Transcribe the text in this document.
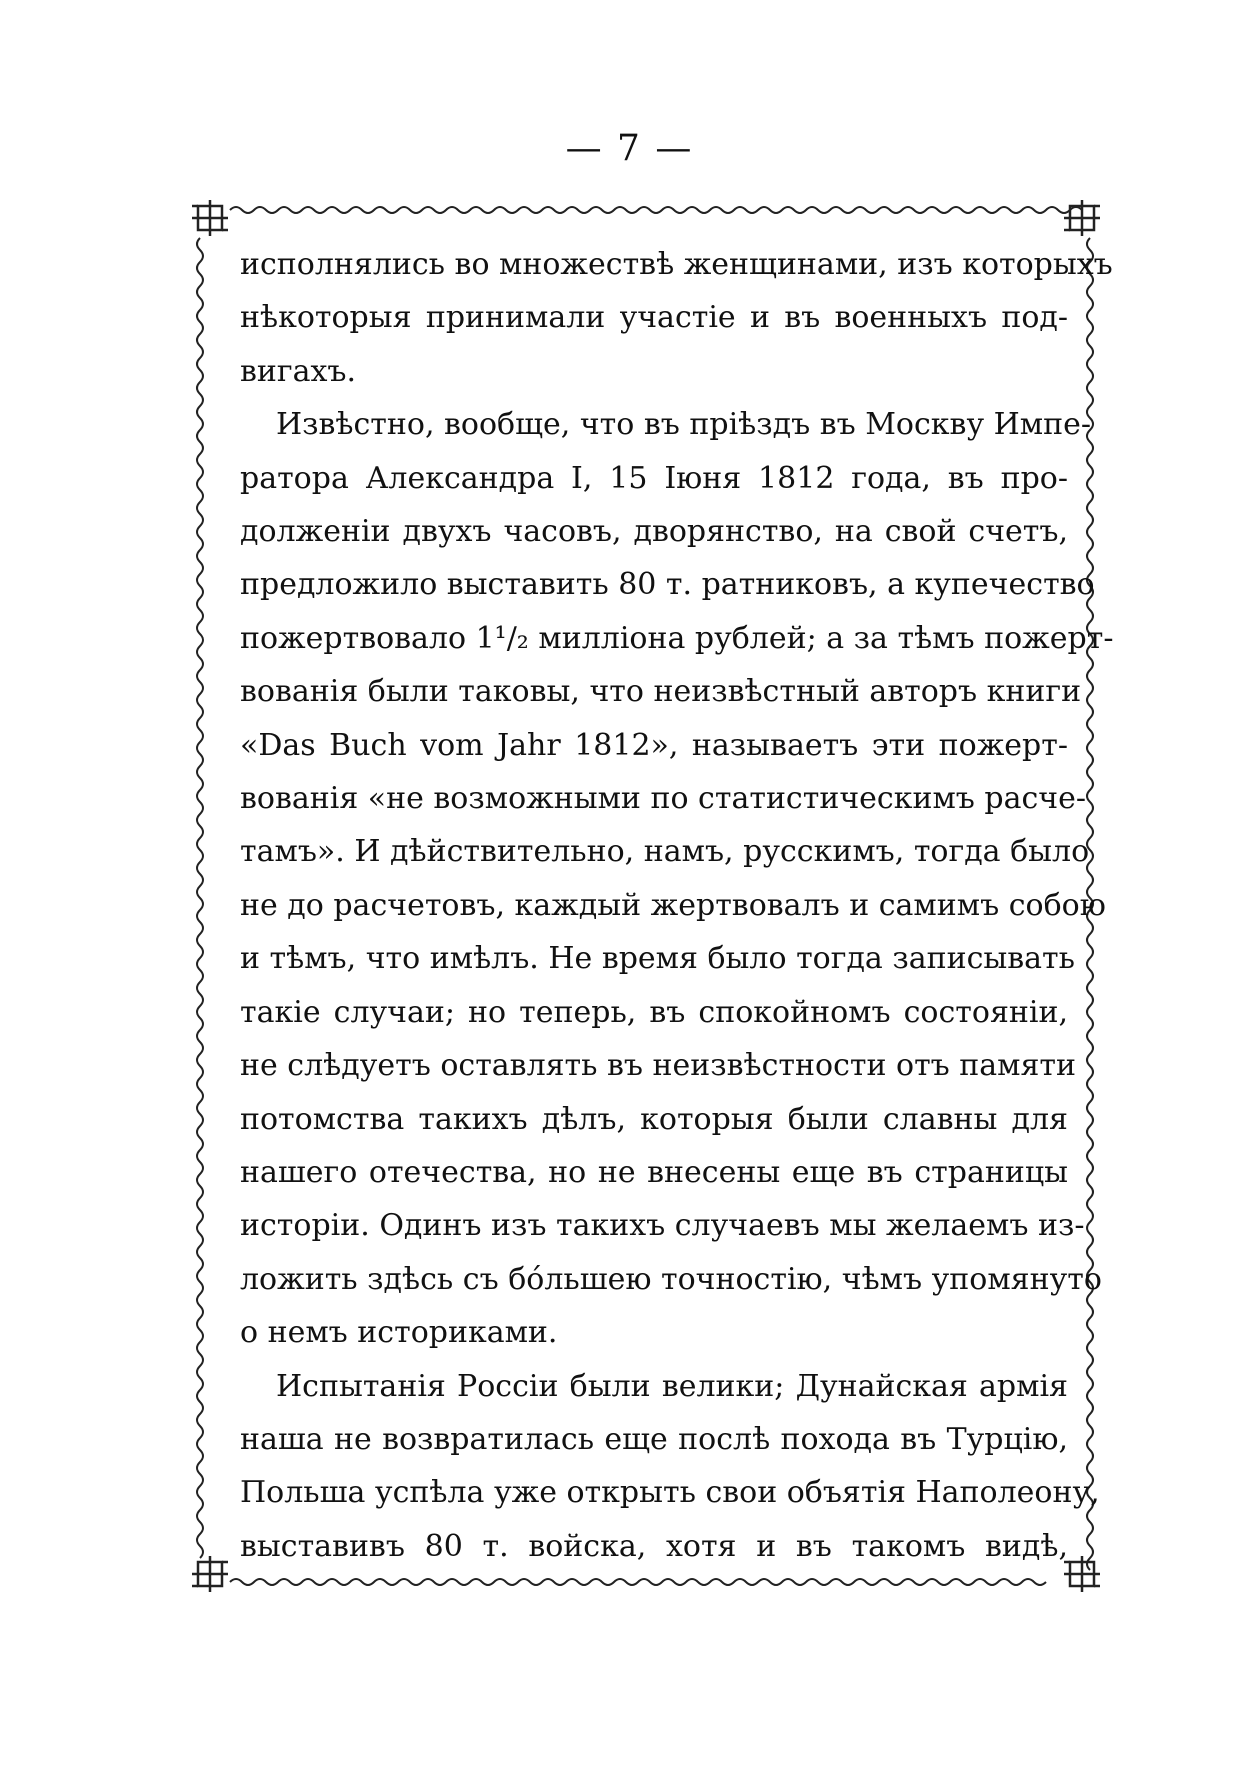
— 7 —
исполнялись во множествѣ женщинами, изъ которыхъ
нѣкоторыя принимали участіе и въ военныхъ под-
вигахъ.
Извѣстно, вообще, что въ пріѣздъ въ Москву Импе-
ратора Александра I, 15 Іюня 1812 года, въ про-
долженіи двухъ часовъ, дворянство, на свой счетъ,
предложило выставить 80 т. ратниковъ, а купечество
пожертвовало 1¹/₂ милліона рублей; а за тѣмъ пожерт-
вованія были таковы, что неизвѣстный авторъ книги
«Das Buch vom Jahr 1812», называетъ эти пожерт-
вованія «не возможными по статистическимъ расче-
тамъ». И дѣйствительно, намъ, русскимъ, тогда было
не до расчетовъ, каждый жертвовалъ и самимъ собою
и тѣмъ, что имѣлъ. Не время было тогда записывать
такіе случаи; но теперь, въ спокойномъ состояніи,
не слѣдуетъ оставлять въ неизвѣстности отъ памяти
потомства такихъ дѣлъ, которыя были славны для
нашего отечества, но не внесены еще въ страницы
исторіи. Одинъ изъ такихъ случаевъ мы желаемъ из-
ложить здѣсь съ бо́льшею точностію, чѣмъ упомянуто
о немъ историками.
Испытанія Россіи были велики; Дунайская армія
наша не возвратилась еще послѣ похода въ Турцію,
Польша успѣла уже открыть свои объятія Наполеону,
выставивъ 80 т. войска, хотя и въ такомъ видѣ,
